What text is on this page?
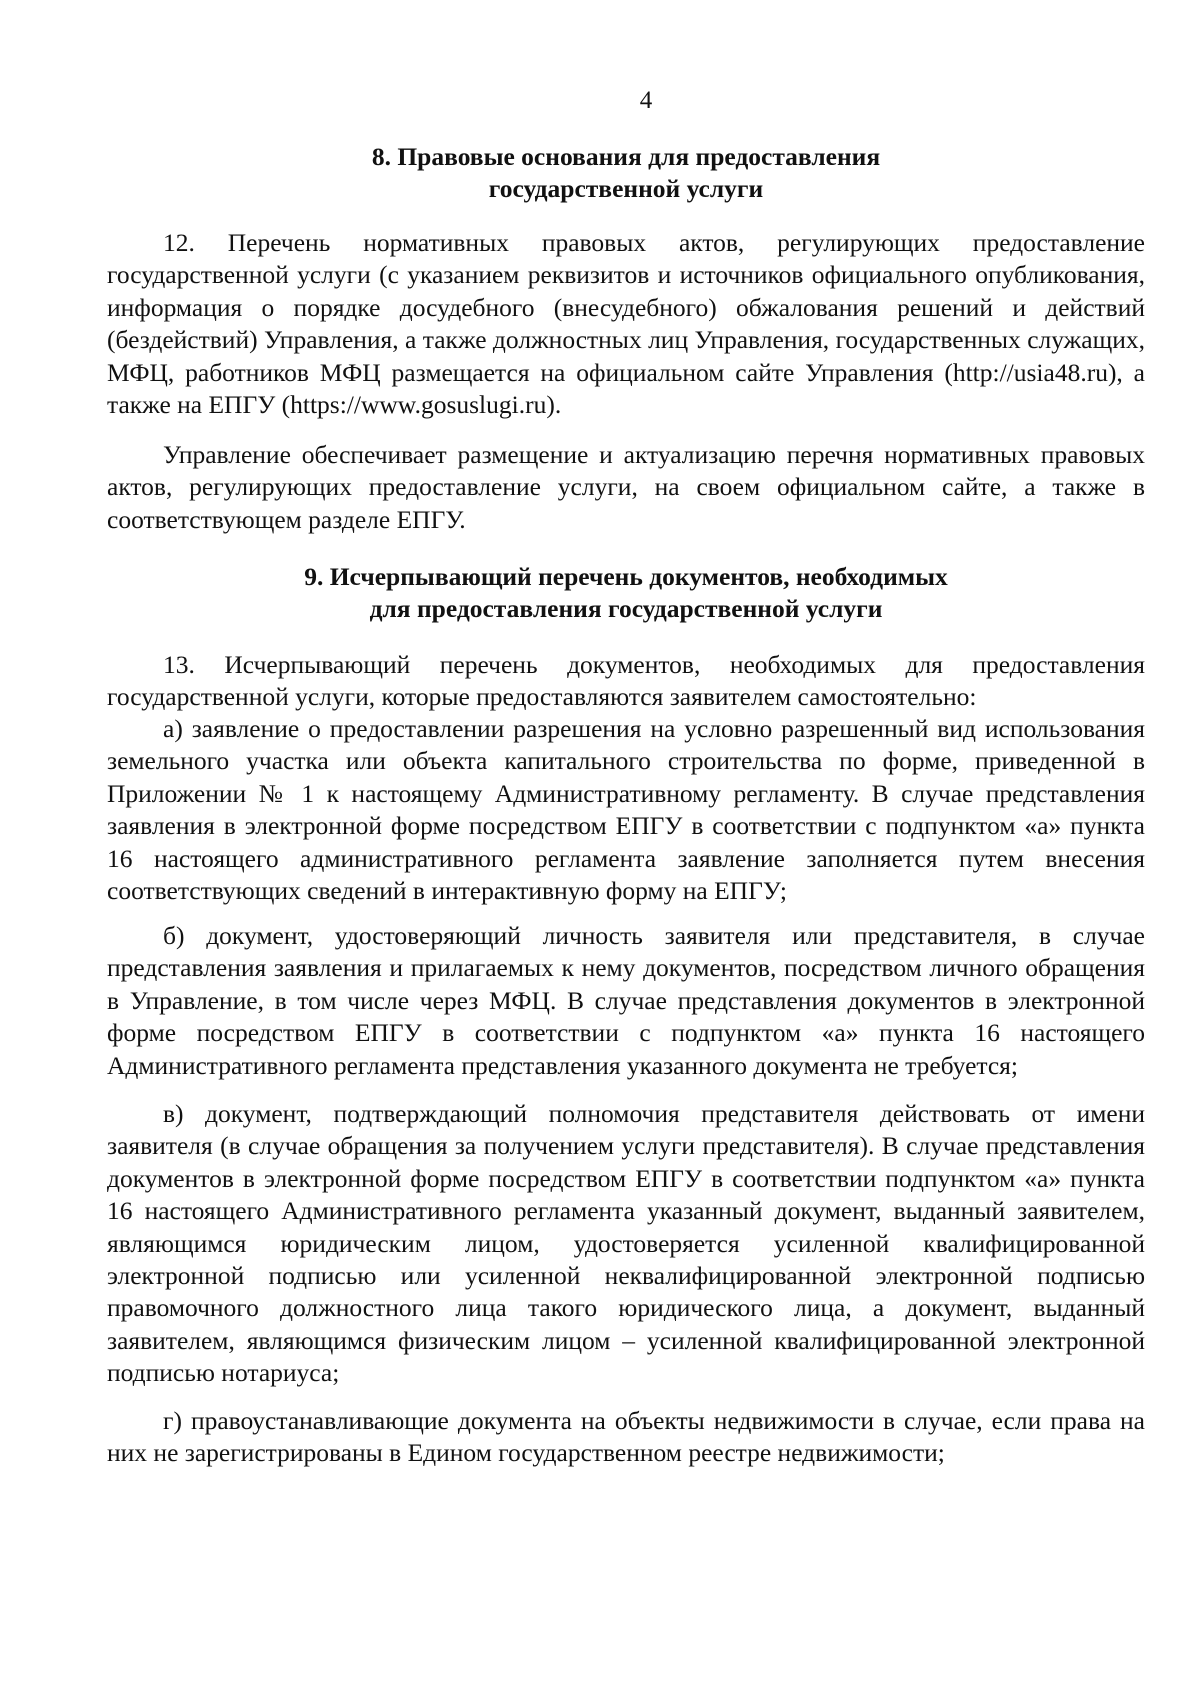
4
8. Правовые основания для предоставления
государственной услуги

12. Перечень нормативных правовых актов, регулирующих предоставление государственной услуги (с указанием реквизитов и источников официального опубликования, информация о порядке досудебного (внесудебного) обжалования решений и действий (бездействий) Управления, а также должностных лиц Управления, государственных служащих, МФЦ, работников МФЦ размещается на официальном сайте Управления (http://usia48.ru), а также на ЕПГУ (https://www.gosuslugi.ru).

Управление обеспечивает размещение и актуализацию перечня нормативных правовых актов, регулирующих предоставление услуги, на своем официальном сайте, а также в соответствующем разделе ЕПГУ.

9. Исчерпывающий перечень документов, необходимых
для предоставления государственной услуги

13. Исчерпывающий перечень документов, необходимых для предоставления государственной услуги, которые предоставляются заявителем самостоятельно:

а) заявление о предоставлении разрешения на условно разрешенный вид использования земельного участка или объекта капитального строительства по форме, приведенной в Приложении № 1 к настоящему Административному регламенту. В случае представления заявления в электронной форме посредством ЕПГУ в соответствии с подпунктом «а» пункта 16 настоящего административного регламента заявление заполняется путем внесения соответствующих сведений в интерактивную форму на ЕПГУ;

б) документ, удостоверяющий личность заявителя или представителя, в случае представления заявления и прилагаемых к нему документов, посредством личного обращения в Управление, в том числе через МФЦ. В случае представления документов в электронной форме посредством ЕПГУ в соответствии с подпунктом «а» пункта 16 настоящего Административного регламента представления указанного документа не требуется;

в) документ, подтверждающий полномочия представителя действовать от имени заявителя (в случае обращения за получением услуги представителя). В случае представления документов в электронной форме посредством ЕПГУ в соответствии подпунктом «а» пункта 16 настоящего Административного регламента указанный документ, выданный заявителем, являющимся юридическим лицом, удостоверяется усиленной квалифицированной электронной подписью или усиленной неквалифицированной электронной подписью правомочного должностного лица такого юридического лица, а документ, выданный заявителем, являющимся физическим лицом – усиленной квалифицированной электронной подписью нотариуса;

г) правоустанавливающие документа на объекты недвижимости в случае, если права на них не зарегистрированы в Едином государственном реестре недвижимости;
